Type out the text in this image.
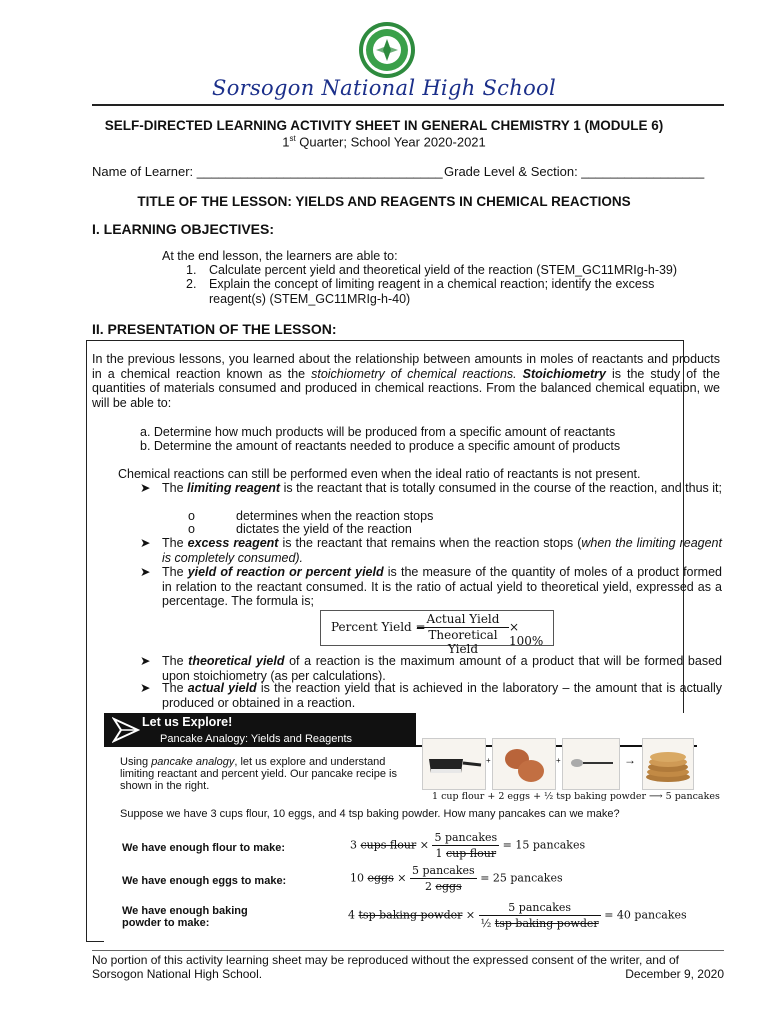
Sorsogon National High School
SELF-DIRECTED LEARNING ACTIVITY SHEET IN GENERAL CHEMISTRY 1 (MODULE 6)
1st Quarter; School Year 2020-2021
Name of Learner: __________________________________ Grade Level & Section: _________________
TITLE OF THE LESSON: YIELDS AND REAGENTS IN CHEMICAL REACTIONS
I. LEARNING OBJECTIVES:
At the end lesson, the learners are able to:
1. Calculate percent yield and theoretical yield of the reaction (STEM_GC11MRIg-h-39)
2. Explain the concept of limiting reagent in a chemical reaction; identify the excess reagent(s) (STEM_GC11MRIg-h-40)
II. PRESENTATION OF THE LESSON:
In the previous lessons, you learned about the relationship between amounts in moles of reactants and products in a chemical reaction known as the stoichiometry of chemical reactions. Stoichiometry is the study of the quantities of materials consumed and produced in chemical reactions. From the balanced chemical equation, we will be able to:
a. Determine how much products will be produced from a specific amount of reactants
b. Determine the amount of reactants needed to produce a specific amount of products
Chemical reactions can still be performed even when the ideal ratio of reactants is not present.
➤ The limiting reagent is the reactant that is totally consumed in the course of the reaction, and thus it;
o	determines when the reaction stops
o	dictates the yield of the reaction
➤ The excess reagent is the reactant that remains when the reaction stops (when the limiting reagent is completely consumed).
➤ The yield of reaction or percent yield is the measure of the quantity of moles of a product formed in relation to the reactant consumed. It is the ratio of actual yield to theoretical yield, expressed as a percentage. The formula is;
Percent Yield =
Actual Yield
Theoretical Yield
× 100%
➤ The theoretical yield of a reaction is the maximum amount of a product that will be formed based upon stoichiometry (as per calculations).
➤ The actual yield is the reaction yield that is achieved in the laboratory – the amount that is actually produced or obtained in a reaction.
Let us Explore!
Pancake Analogy: Yields and Reagents
+	+	→
1 cup flour + 2 eggs + ½ tsp baking powder ⟶ 5 pancakes
Using pancake analogy, let us explore and understand limiting reactant and percent yield. Our pancake recipe is shown in the right.
Suppose we have 3 cups flour, 10 eggs, and 4 tsp baking powder. How many pancakes can we make?
We have enough flour to make:	3 cups flour × $\frac{\text{5 pancakes}}{\text{1 cup flour}} = 15$ pancakes
We have enough eggs to make:	10 eggs × $\frac{\text{5 pancakes}}{\text{2 eggs}} = 25$ pancakes
We have enough baking powder to make:
4 tsp baking powder × $\frac{\text{5 pancakes}}{\text{½ tsp baking powder}} = 40$ pancakes
No portion of this activity learning sheet may be reproduced without the expressed consent of the writer, and of Sorsogon National High School.	December 9, 2020
